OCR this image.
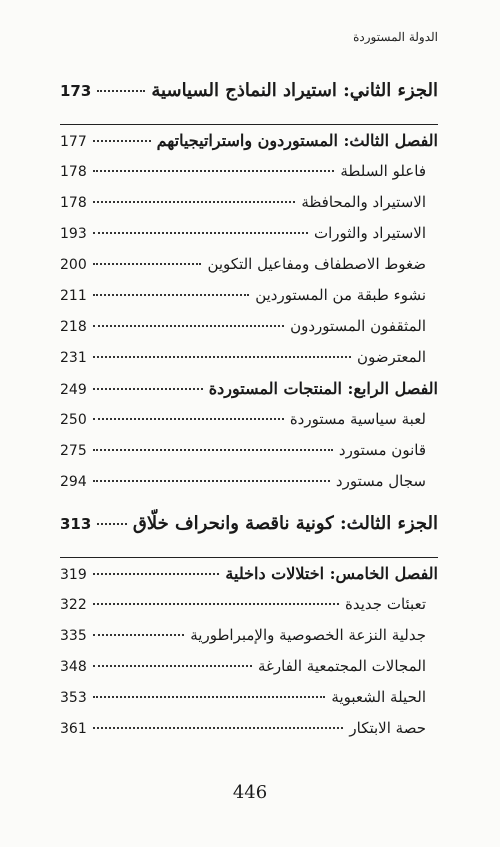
الدولة المستوردة
الجزء الثاني: استيراد النماذج السياسية
173
الفصل الثالث: المستوردون واستراتيجياتهم
177
فاعلو السلطة
178
الاستيراد والمحافظة
178
الاستيراد والثورات
193
ضغوط الاصطفاف ومفاعيل التكوين
200
نشوء طبقة من المستوردين
211
المثقفون المستوردون
218
المعترضون
231
الفصل الرابع: المنتجات المستوردة
249
لعبة سياسية مستوردة
250
قانون مستورد
275
سجال مستورد
294
الجزء الثالث: كونية ناقصة وانحراف خلّاق
313
الفصل الخامس: اختلالات داخلية
319
تعبئات جديدة
322
جدلية النزعة الخصوصية والإمبراطورية
335
المجالات المجتمعية الفارغة
348
الحيلة الشعبوية
353
حصة الابتكار
361
446
